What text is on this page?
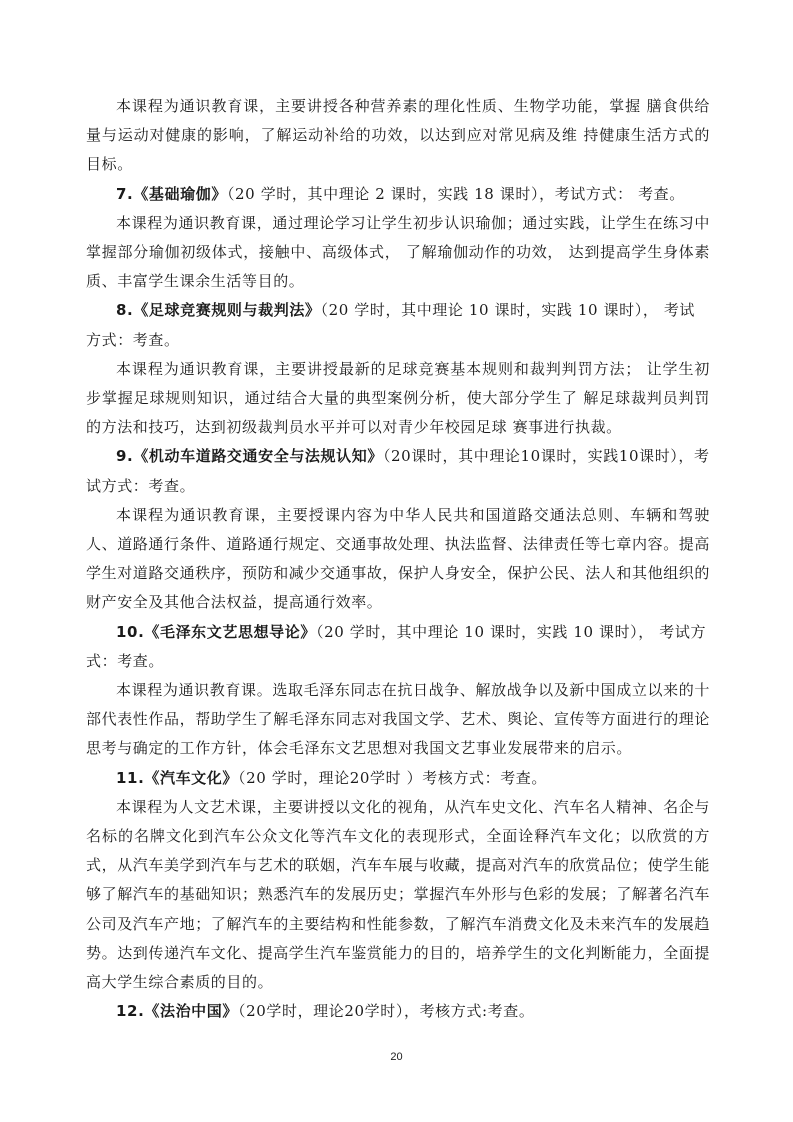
本课程为通识教育课，主要讲授各种营养素的理化性质、生物学功能，掌握 膳食供给量与运动对健康的影响，了解运动补给的功效，以达到应对常见病及维 持健康生活方式的目标。

7.《基础瑜伽》（20 学时，其中理论 2 课时，实践 18 课时），考试方式： 考查。

本课程为通识教育课，通过理论学习让学生初步认识瑜伽；通过实践，让学生在练习中掌握部分瑜伽初级体式，接触中、高级体式， 了解瑜伽动作的功效， 达到提高学生身体素质、丰富学生课余生活等目的。

8.《足球竞赛规则与裁判法》（20 学时，其中理论 10 课时，实践 10 课时）， 考试方式：考查。

本课程为通识教育课，主要讲授最新的足球竞赛基本规则和裁判判罚方法； 让学生初步掌握足球规则知识，通过结合大量的典型案例分析，使大部分学生了 解足球裁判员判罚的方法和技巧，达到初级裁判员水平并可以对青少年校园足球 赛事进行执裁。

9.《机动车道路交通安全与法规认知》（20课时，其中理论10课时，实践10课时），考试方式：考查。

本课程为通识教育课，主要授课内容为中华人民共和国道路交通法总则、车辆和驾驶人、道路通行条件、道路通行规定、交通事故处理、执法监督、法律责任等七章内容。提高学生对道路交通秩序，预防和减少交通事故，保护人身安全，保护公民、法人和其他组织的财产安全及其他合法权益，提高通行效率。

10.《毛泽东文艺思想导论》（20 学时，其中理论 10 课时，实践 10 课时）， 考试方式：考查。

本课程为通识教育课。选取毛泽东同志在抗日战争、解放战争以及新中国成立以来的十部代表性作品，帮助学生了解毛泽东同志对我国文学、艺术、舆论、宣传等方面进行的理论思考与确定的工作方针，体会毛泽东文艺思想对我国文艺事业发展带来的启示。

11.《汽车文化》（20 学时，理论20学时 ）考核方式：考查。

本课程为人文艺术课，主要讲授以文化的视角，从汽车史文化、汽车名人精神、名企与名标的名牌文化到汽车公众文化等汽车文化的表现形式，全面诠释汽车文化；以欣赏的方式，从汽车美学到汽车与艺术的联姻，汽车车展与收藏，提高对汽车的欣赏品位；使学生能够了解汽车的基础知识；熟悉汽车的发展历史；掌握汽车外形与色彩的发展；了解著名汽车公司及汽车产地；了解汽车的主要结构和性能参数，了解汽车消费文化及未来汽车的发展趋势。达到传递汽车文化、提高学生汽车鉴赏能力的目的，培养学生的文化判断能力，全面提高大学生综合素质的目的。

12.《法治中国》（20学时，理论20学时），考核方式:考查。

20
